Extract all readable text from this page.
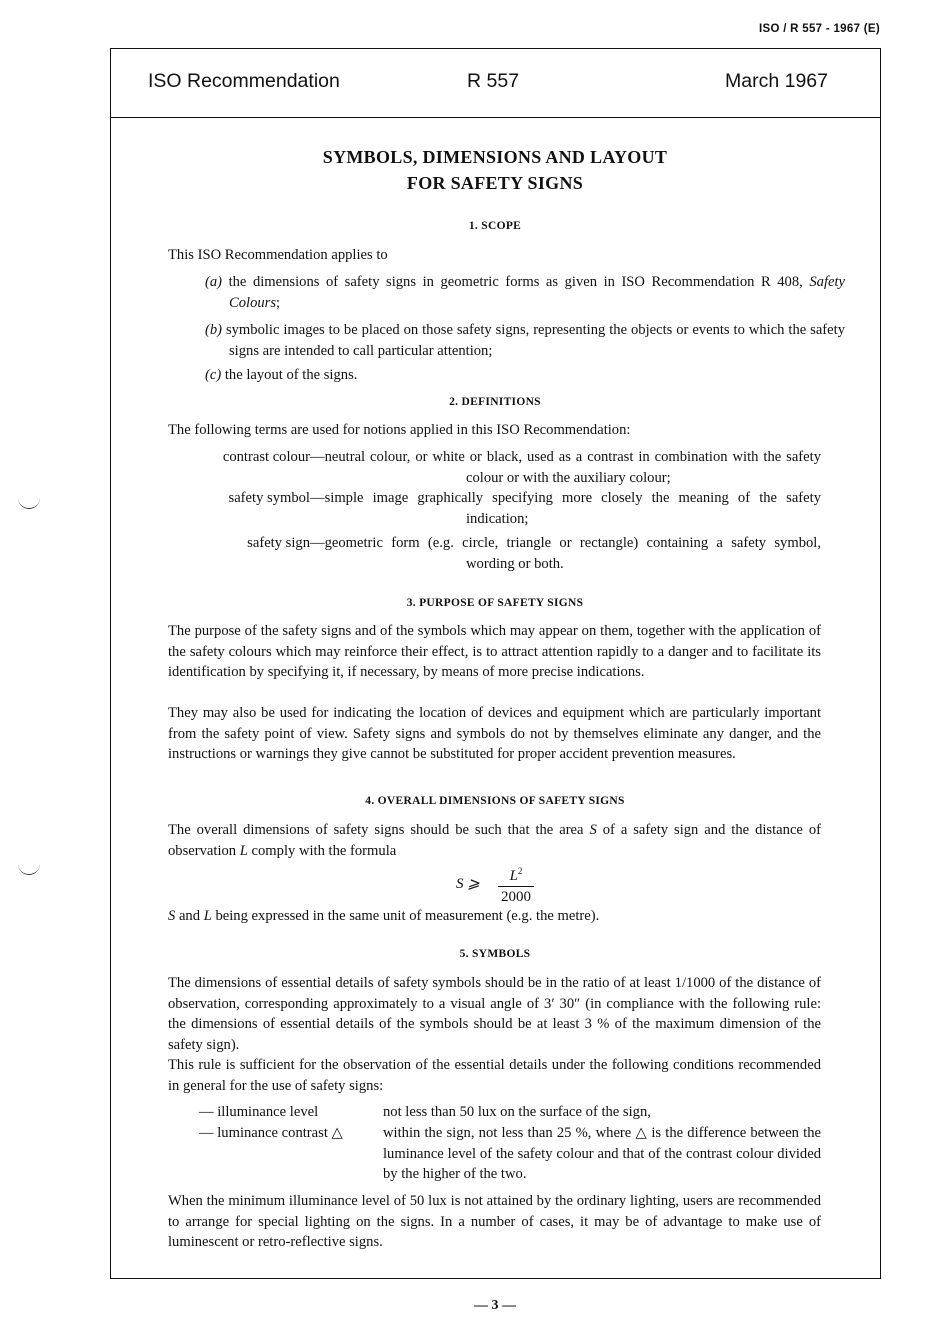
ISO / R 557 - 1967 (E)
ISO Recommendation	R 557	March 1967
SYMBOLS, DIMENSIONS AND LAYOUT
FOR SAFETY SIGNS
1. SCOPE
This ISO Recommendation applies to
(a) the dimensions of safety signs in geometric forms as given in ISO Recommendation R 408, Safety Colours;
(b) symbolic images to be placed on those safety signs, representing the objects or events to which the safety signs are intended to call particular attention;
(c) the layout of the signs.
2. DEFINITIONS
The following terms are used for notions applied in this ISO Recommendation:
contrast colour —neutral colour, or white or black, used as a contrast in combination with the safety colour or with the auxiliary colour;
safety symbol —simple image graphically specifying more closely the meaning of the safety indication;
safety sign —geometric form (e.g. circle, triangle or rectangle) containing a safety symbol, wording or both.
3. PURPOSE OF SAFETY SIGNS
The purpose of the safety signs and of the symbols which may appear on them, together with the application of the safety colours which may reinforce their effect, is to attract attention rapidly to a danger and to facilitate its identification by specifying it, if necessary, by means of more precise indications.
They may also be used for indicating the location of devices and equipment which are particularly important from the safety point of view. Safety signs and symbols do not by themselves eliminate any danger, and the instructions or warnings they give cannot be substituted for proper accident prevention measures.
4. OVERALL DIMENSIONS OF SAFETY SIGNS
The overall dimensions of safety signs should be such that the area S of a safety sign and the distance of observation L comply with the formula
S ⩾	$L^2$
2000
S and L being expressed in the same unit of measurement (e.g. the metre).
5. SYMBOLS
The dimensions of essential details of safety symbols should be in the ratio of at least 1/1000 of the distance of observation, corresponding approximately to a visual angle of 3′ 30″ (in compliance with the following rule: the dimensions of essential details of the symbols should be at least 3 % of the maximum dimension of the safety sign).
This rule is sufficient for the observation of the essential details under the following conditions recommended in general for the use of safety signs:
— illuminance level	not less than 50 lux on the surface of the sign,
— luminance contrast △	within the sign, not less than 25 %, where △ is the difference between the luminance level of the safety colour and that of the contrast colour divided by the higher of the two.
When the minimum illuminance level of 50 lux is not attained by the ordinary lighting, users are recommended to arrange for special lighting on the signs. In a number of cases, it may be of advantage to make use of luminescent or retro-reflective signs.
— 3 —
